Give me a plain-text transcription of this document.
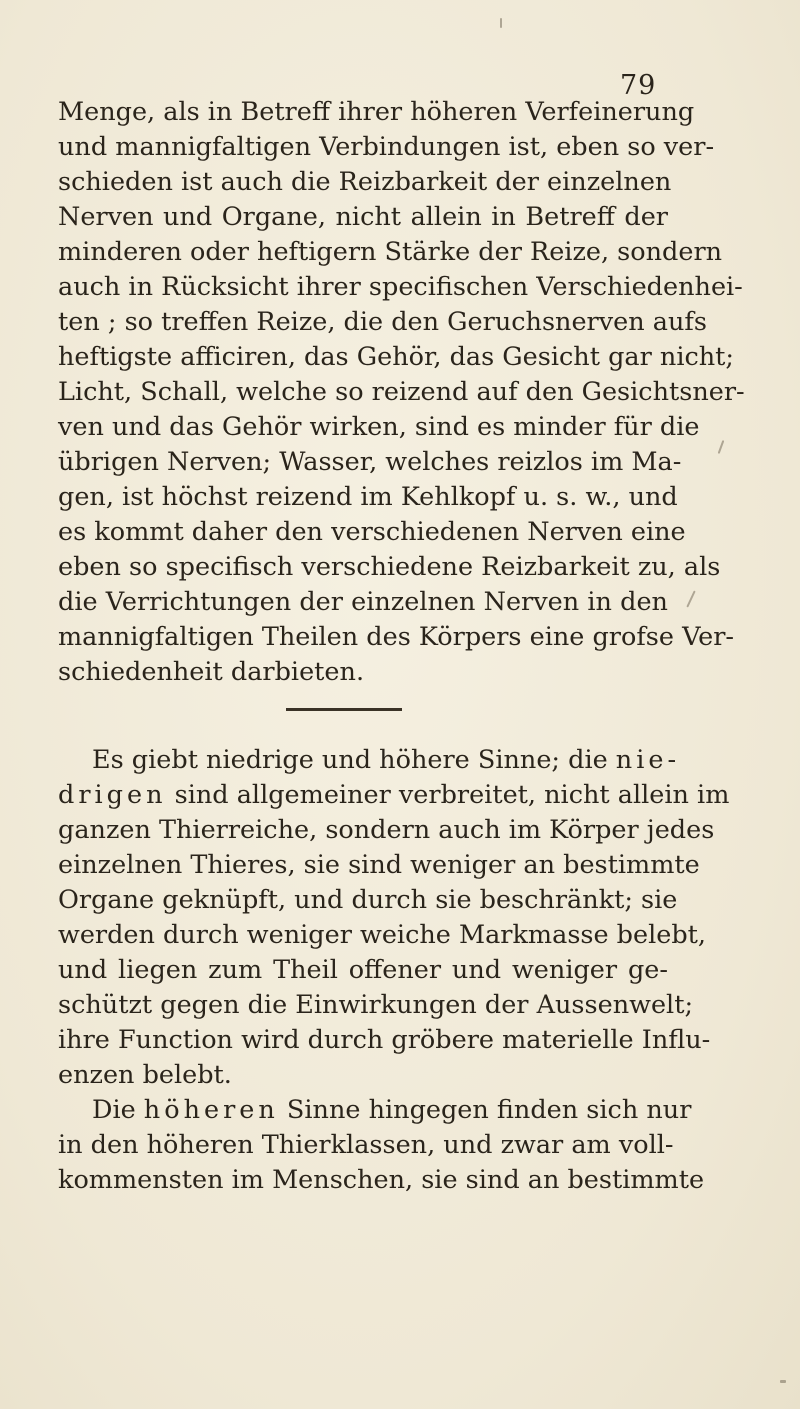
79
Menge, als in Betreff ihrer höheren Verfeinerung
und mannigfaltigen Verbindungen ist, eben so ver-
schieden ist auch die Reizbarkeit der einzelnen
Nerven und Organe, nicht allein in Betreff der
minderen oder heftigern Stärke der Reize, sondern
auch in Rücksicht ihrer specifischen Verschiedenhei-
ten ; so treffen Reize, die den Geruchsnerven aufs
heftigste afficiren, das Gehör, das Gesicht gar nicht;
Licht, Schall, welche so reizend auf den Gesichtsner-
ven und das Gehör wirken, sind es minder für die
übrigen Nerven; Wasser, welches reizlos im Ma-
gen, ist höchst reizend im Kehlkopf u. s. w., und
es kommt daher den verschiedenen Nerven eine
eben so specifisch verschiedene Reizbarkeit zu, als
die Verrichtungen der einzelnen Nerven in den
mannigfaltigen Theilen des Körpers eine grofse Ver-
schiedenheit darbieten.
Es giebt niedrige und höhere Sinne; die nie-
drigen sind allgemeiner verbreitet, nicht allein im
ganzen Thierreiche, sondern auch im Körper jedes
einzelnen Thieres, sie sind weniger an bestimmte
Organe geknüpft, und durch sie beschränkt; sie
werden durch weniger weiche Markmasse belebt,
und liegen zum Theil offener und weniger ge-
schützt gegen die Einwirkungen der Aussenwelt;
ihre Function wird durch gröbere materielle Influ-
enzen belebt.
Die höheren Sinne hingegen finden sich nur
in den höheren Thierklassen, und zwar am voll-
kommensten im Menschen, sie sind an bestimmte
